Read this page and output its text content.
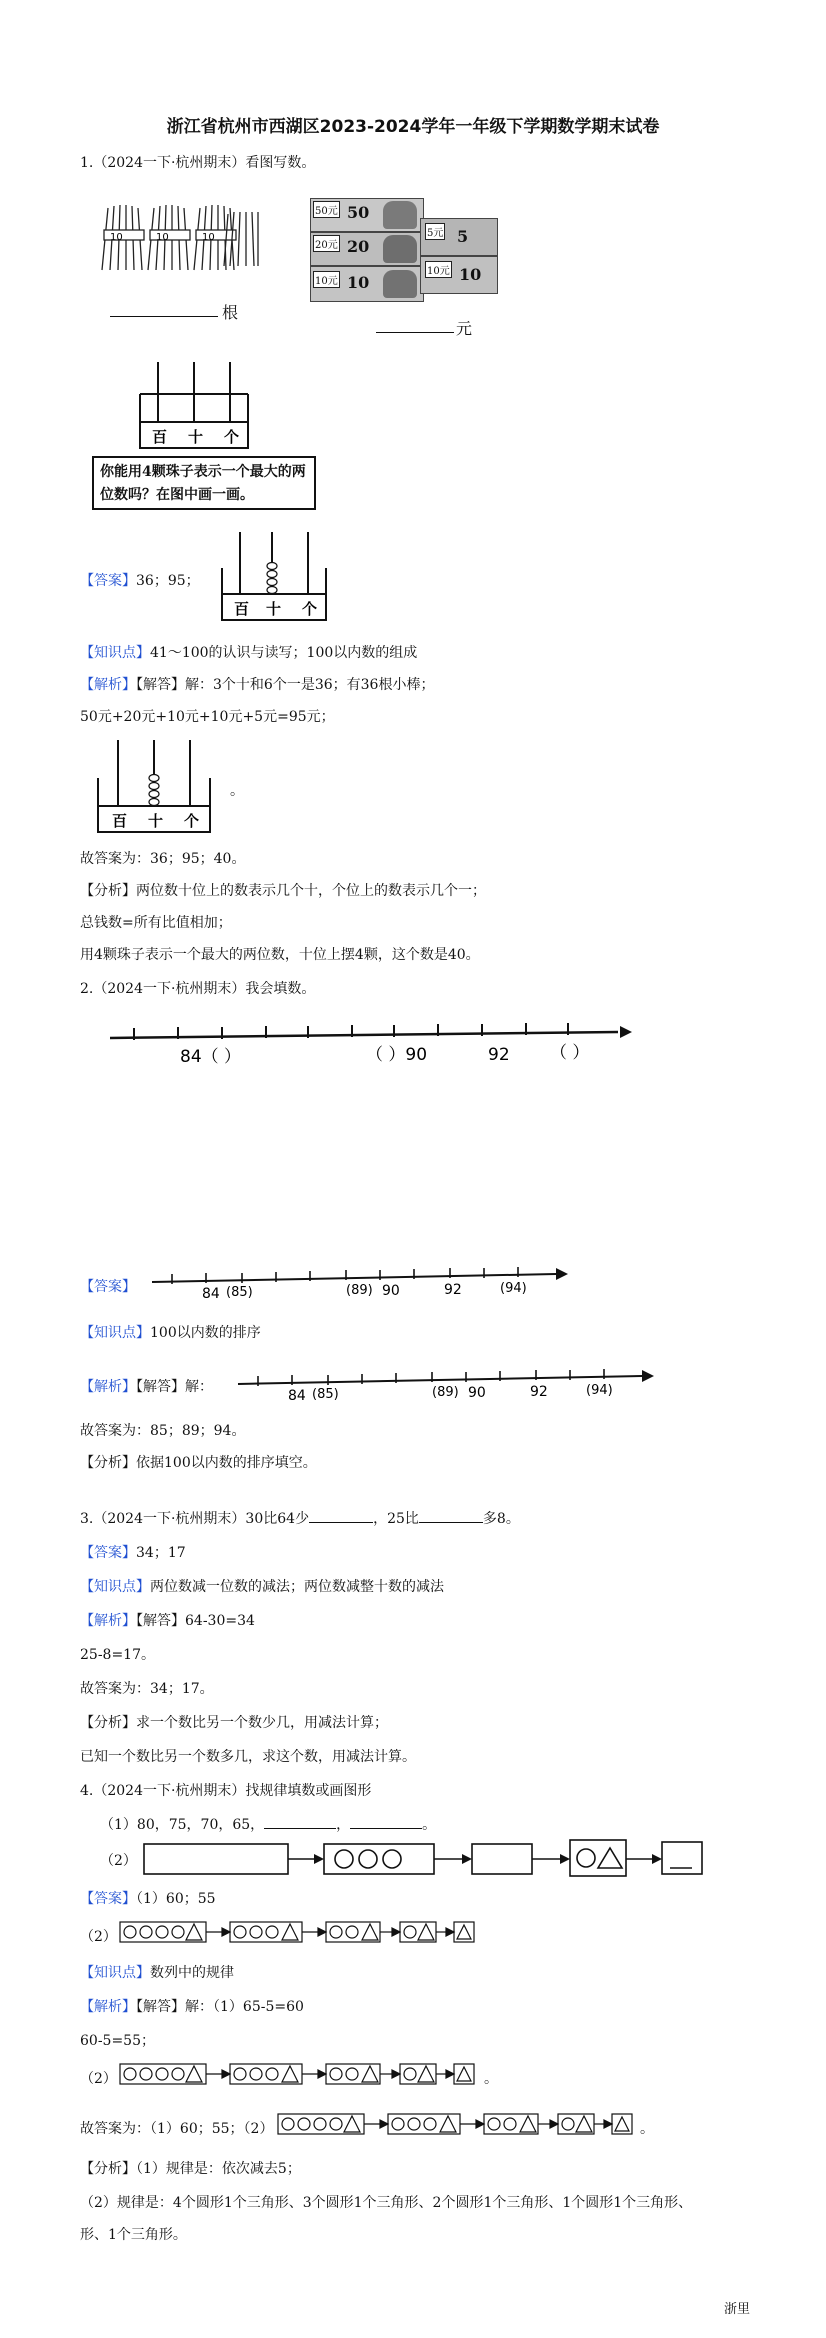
浙江省杭州市西湖区2023-2024学年一年级下学期数学期末试卷
1.（2024一下·杭州期末）看图写数。
10	10	10
根
50元 50
20元 20
10元 10
5元 5
10元 10
元
百 十 个
你能用4颗珠子表示一个最大的两位数吗？在图中画一画。
【答案】36；95；
百 十 个
【知识点】41～100的认识与读写；100以内数的组成
【解析】【解答】解：3个十和6个一是36；有36根小棒；
50元+20元+10元+10元+5元=95元；
百 十 个
。
故答案为：36；95；40。
【分析】两位数十位上的数表示几个十，个位上的数表示几个一；
总钱数=所有比值相加；
用4颗珠子表示一个最大的两位数，十位上摆4颗，这个数是40。
2.（2024一下·杭州期末）我会填数。
84（ ）	（ ）90	92 （ ）
【答案】	84 (85)	(89) 90	92	(94)
【知识点】100以内数的排序
【解析】【解答】解：
84 (85)	(89) 90	92	(94)
故答案为：85；89；94。
【分析】依据100以内数的排序填空。
3.（2024一下·杭州期末）30比64少	，25比	多8。
【答案】34；17
【知识点】两位数减一位数的减法；两位数减整十数的减法
【解析】【解答】64-30=34
25-8=17。
故答案为：34；17。
【分析】求一个数比另一个数少几，用减法计算；
已知一个数比另一个数多几，求这个数，用减法计算。
4.（2024一下·杭州期末）找规律填数或画图形
（1）80，75，70，65，	，	。
（2）
【答案】（1）60；55
（2）
【知识点】数列中的规律
【解析】【解答】解：（1）65-5=60
60-5=55；
（2）	。
故答案为：（1）60；55；（2）	。
【分析】（1）规律是：依次减去5；
（2）规律是：4个圆形1个三角形、3个圆形1个三角形、2个圆形1个三角形、1个圆形1个三角形、
形、1个三角形。
浙里
